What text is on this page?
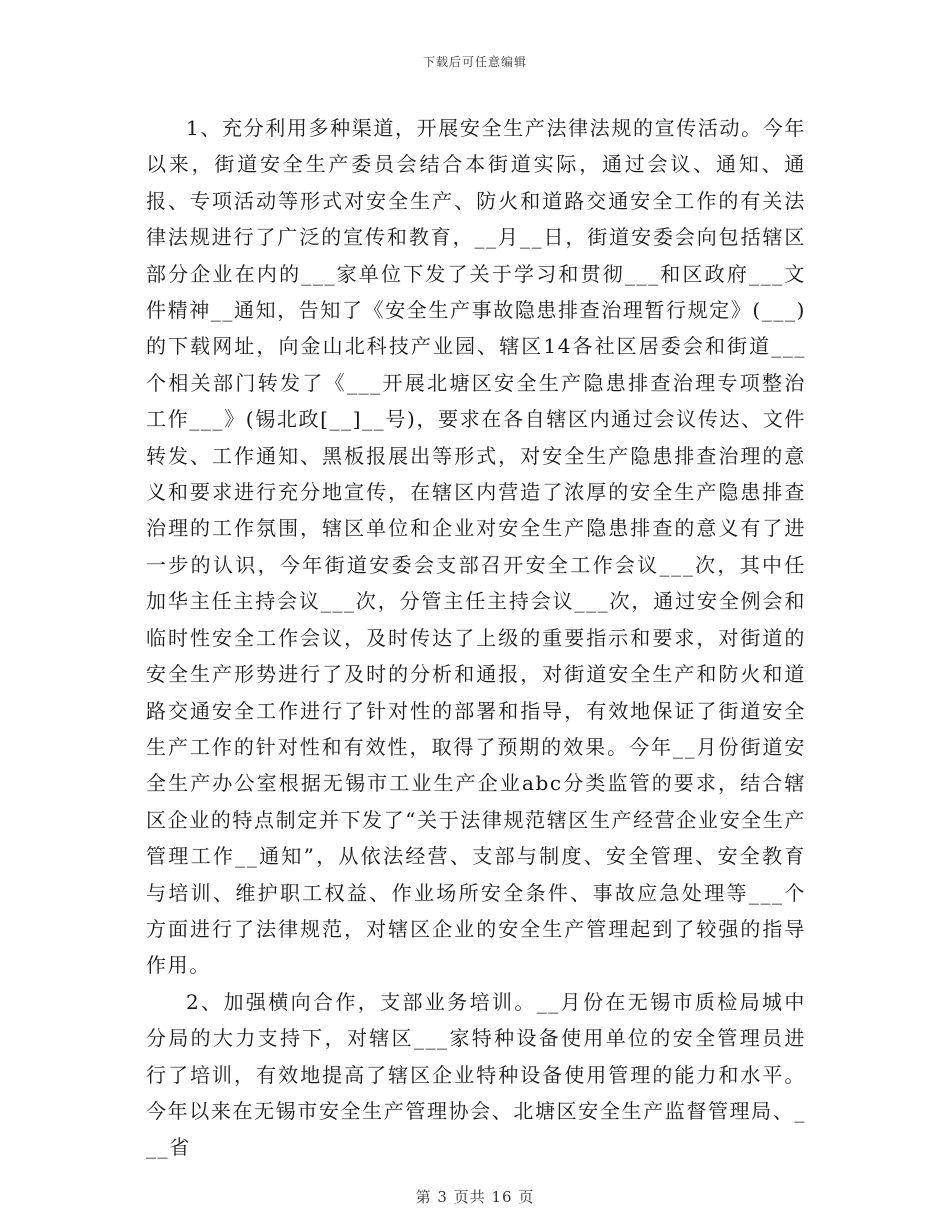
下载后可任意编辑

1、充分利用多种渠道，开展安全生产法律法规的宣传活动。今年以来，街道安全生产委员会结合本街道实际，通过会议、通知、通报、专项活动等形式对安全生产、防火和道路交通安全工作的有关法律法规进行了广泛的宣传和教育，__月__日，街道安委会向包括辖区部分企业在内的___家单位下发了关于学习和贯彻___和区政府___文件精神__通知，告知了《安全生产事故隐患排查治理暂行规定》(___)的下载网址，向金山北科技产业园、辖区14各社区居委会和街道___个相关部门转发了《___开展北塘区安全生产隐患排查治理专项整治工作___》(锡北政[__]__号)，要求在各自辖区内通过会议传达、文件转发、工作通知、黑板报展出等形式，对安全生产隐患排查治理的意义和要求进行充分地宣传，在辖区内营造了浓厚的安全生产隐患排查治理的工作氛围，辖区单位和企业对安全生产隐患排查的意义有了进一步的认识，今年街道安委会支部召开安全工作会议___次，其中任加华主任主持会议___次，分管主任主持会议___次，通过安全例会和临时性安全工作会议，及时传达了上级的重要指示和要求，对街道的安全生产形势进行了及时的分析和通报，对街道安全生产和防火和道路交通安全工作进行了针对性的部署和指导，有效地保证了街道安全生产工作的针对性和有效性，取得了预期的效果。今年__月份街道安全生产办公室根据无锡市工业生产企业abc分类监管的要求，结合辖区企业的特点制定并下发了“关于法律规范辖区生产经营企业安全生产管理工作__通知”，从依法经营、支部与制度、安全管理、安全教育与培训、维护职工权益、作业场所安全条件、事故应急处理等___个方面进行了法律规范，对辖区企业的安全生产管理起到了较强的指导作用。

2、加强横向合作，支部业务培训。__月份在无锡市质检局城中分局的大力支持下，对辖区___家特种设备使用单位的安全管理员进行了培训，有效地提高了辖区企业特种设备使用管理的能力和水平。今年以来在无锡市安全生产管理协会、北塘区安全生产监督管理局、___省

第 3 页共 16 页
